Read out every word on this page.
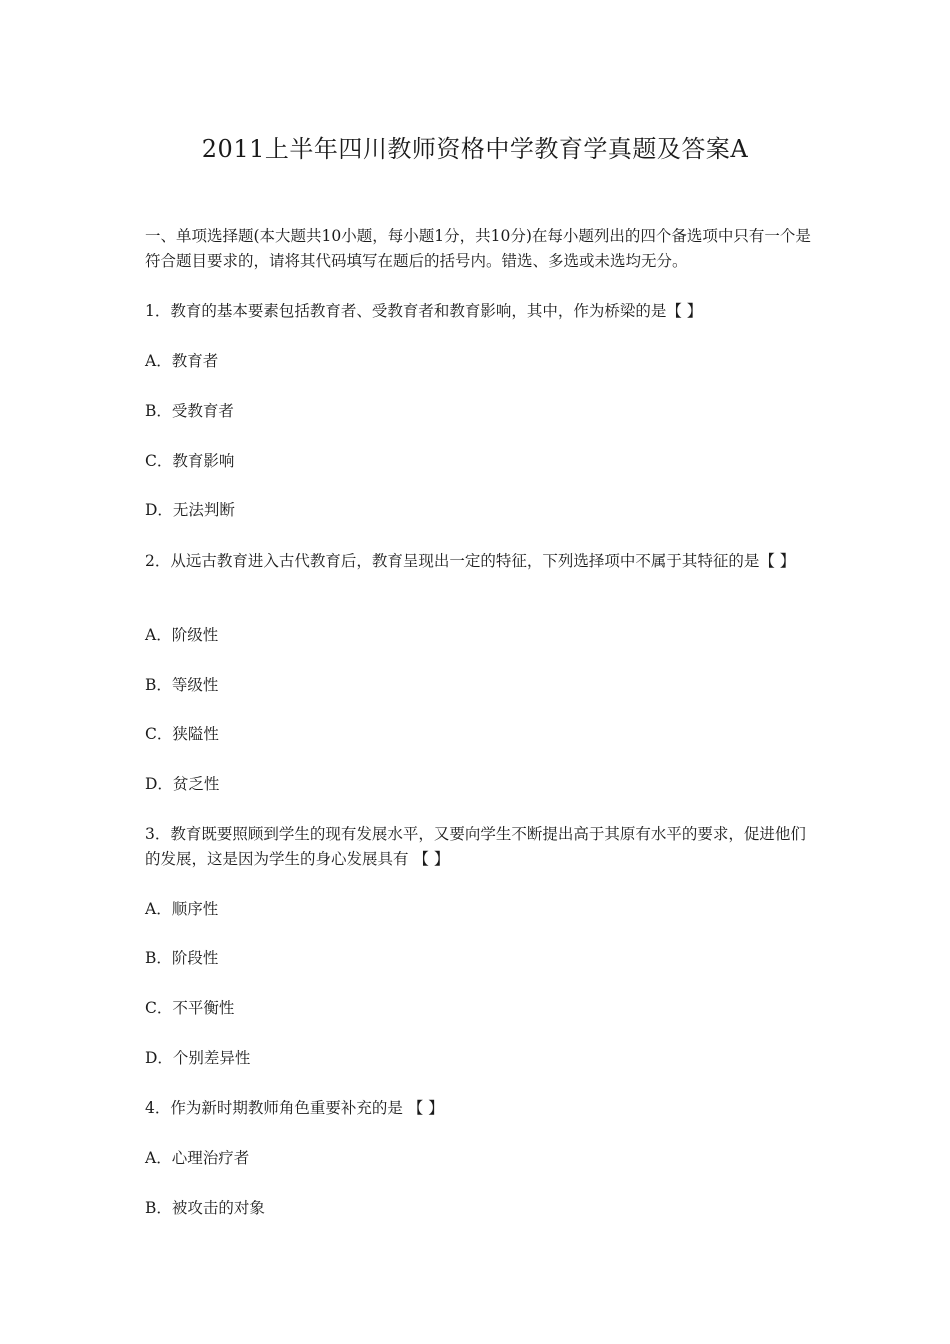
2011上半年四川教师资格中学教育学真题及答案A
一、单项选择题(本大题共10小题，每小题1分，共10分)在每小题列出的四个备选项中只有一个是符合题目要求的，请将其代码填写在题后的括号内。错选、多选或未选均无分。
1．教育的基本要素包括教育者、受教育者和教育影响，其中，作为桥梁的是【 】
A．教育者
B．受教育者
C．教育影响
D．无法判断
2．从远古教育进入古代教育后，教育呈现出一定的特征，下列选择项中不属于其特征的是【 】
A．阶级性
B．等级性
C．狭隘性
D．贫乏性
3．教育既要照顾到学生的现有发展水平，又要向学生不断提出高于其原有水平的要求，促进他们的发展，这是因为学生的身心发展具有 【 】
A．顺序性
B．阶段性
C．不平衡性
D．个别差异性
4．作为新时期教师角色重要补充的是 【 】
A．心理治疗者
B．被攻击的对象
